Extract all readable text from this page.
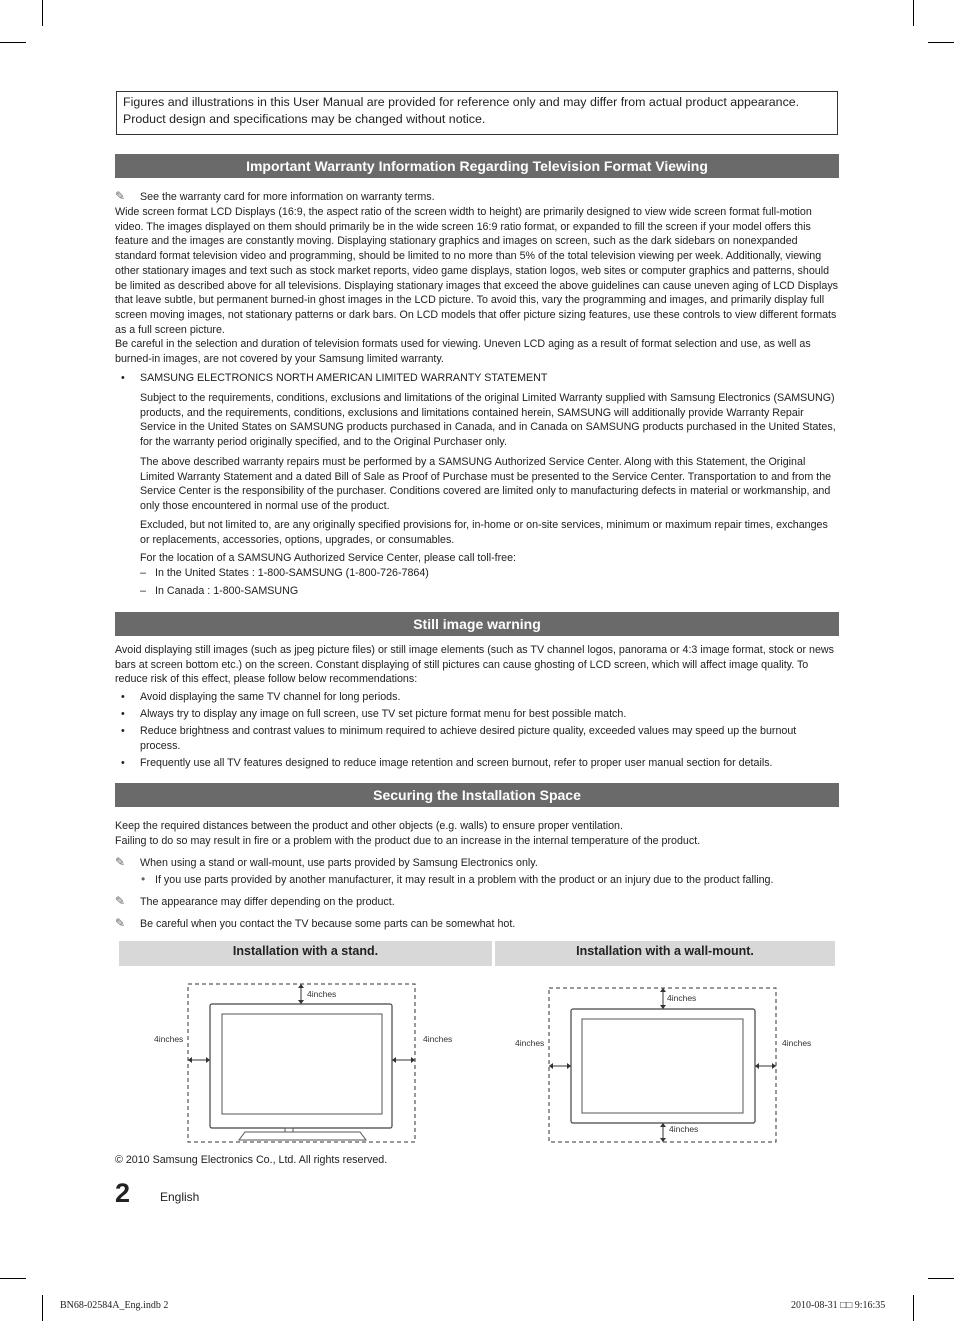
Figures and illustrations in this User Manual are provided for reference only and may differ from actual product appearance.
Product design and specifications may be changed without notice.
Important Warranty Information Regarding Television Format Viewing
✎ See the warranty card for more information on warranty terms.

Wide screen format LCD Displays (16:9, the aspect ratio of the screen width to height) are primarily designed to view wide screen format full-motion video. The images displayed on them should primarily be in the wide screen 16:9 ratio format, or expanded to fill the screen if your model offers this feature and the images are constantly moving. Displaying stationary graphics and images on screen, such as the dark sidebars on nonexpanded standard format television video and programming, should be limited to no more than 5% of the total television viewing per week. Additionally, viewing other stationary images and text such as stock market reports, video game displays, station logos, web sites or computer graphics and patterns, should be limited as described above for all televisions. Displaying stationary images that exceed the above guidelines can cause uneven aging of LCD Displays that leave subtle, but permanent burned-in ghost images in the LCD picture. To avoid this, vary the programming and images, and primarily display full screen moving images, not stationary patterns or dark bars. On LCD models that offer picture sizing features, use these controls to view different formats as a full screen picture.

Be careful in the selection and duration of television formats used for viewing. Uneven LCD aging as a result of format selection and use, as well as burned-in images, are not covered by your Samsung limited warranty.

• SAMSUNG ELECTRONICS NORTH AMERICAN LIMITED WARRANTY STATEMENT

Subject to the requirements, conditions, exclusions and limitations of the original Limited Warranty supplied with Samsung Electronics (SAMSUNG) products, and the requirements, conditions, exclusions and limitations contained herein, SAMSUNG will additionally provide Warranty Repair Service in the United States on SAMSUNG products purchased in Canada, and in Canada on SAMSUNG products purchased in the United States, for the warranty period originally specified, and to the Original Purchaser only.

The above described warranty repairs must be performed by a SAMSUNG Authorized Service Center. Along with this Statement, the Original Limited Warranty Statement and a dated Bill of Sale as Proof of Purchase must be presented to the Service Center. Transportation to and from the Service Center is the responsibility of the purchaser. Conditions covered are limited only to manufacturing defects in material or workmanship, and only those encountered in normal use of the product.

Excluded, but not limited to, are any originally specified provisions for, in-home or on-site services, minimum or maximum repair times, exchanges or replacements, accessories, options, upgrades, or consumables.

For the location of a SAMSUNG Authorized Service Center, please call toll-free:

– In the United States : 1-800-SAMSUNG (1-800-726-7864)
– In Canada : 1-800-SAMSUNG
Still image warning

Avoid displaying still images (such as jpeg picture files) or still image elements (such as TV channel logos, panorama or 4:3 image format, stock or news bars at screen bottom etc.) on the screen. Constant displaying of still pictures can cause ghosting of LCD screen, which will affect image quality. To reduce risk of this effect, please follow below recommendations:

• Avoid displaying the same TV channel for long periods.
• Always try to display any image on full screen, use TV set picture format menu for best possible match.
• Reduce brightness and contrast values to minimum required to achieve desired picture quality, exceeded values may speed up the burnout process.
• Frequently use all TV features designed to reduce image retention and screen burnout, refer to proper user manual section for details.
Securing the Installation Space

Keep the required distances between the product and other objects (e.g. walls) to ensure proper ventilation.

Failing to do so may result in fire or a problem with the product due to an increase in the internal temperature of the product.

✎ When using a stand or wall-mount, use parts provided by Samsung Electronics only.
• If you use parts provided by another manufacturer, it may result in a problem with the product or an injury due to the product falling.
✎ The appearance may differ depending on the product.
✎ Be careful when you contact the TV because some parts can be somewhat hot.
Installation with a stand.	Installation with a wall-mount.
4inches
4inches	4inches
4inches
4inches	4inches
4inches
© 2010 Samsung Electronics Co., Ltd. All rights reserved.
2 English
BN68-02584A_Eng.indb 2	2010-08-31 □□ 9:16:35
